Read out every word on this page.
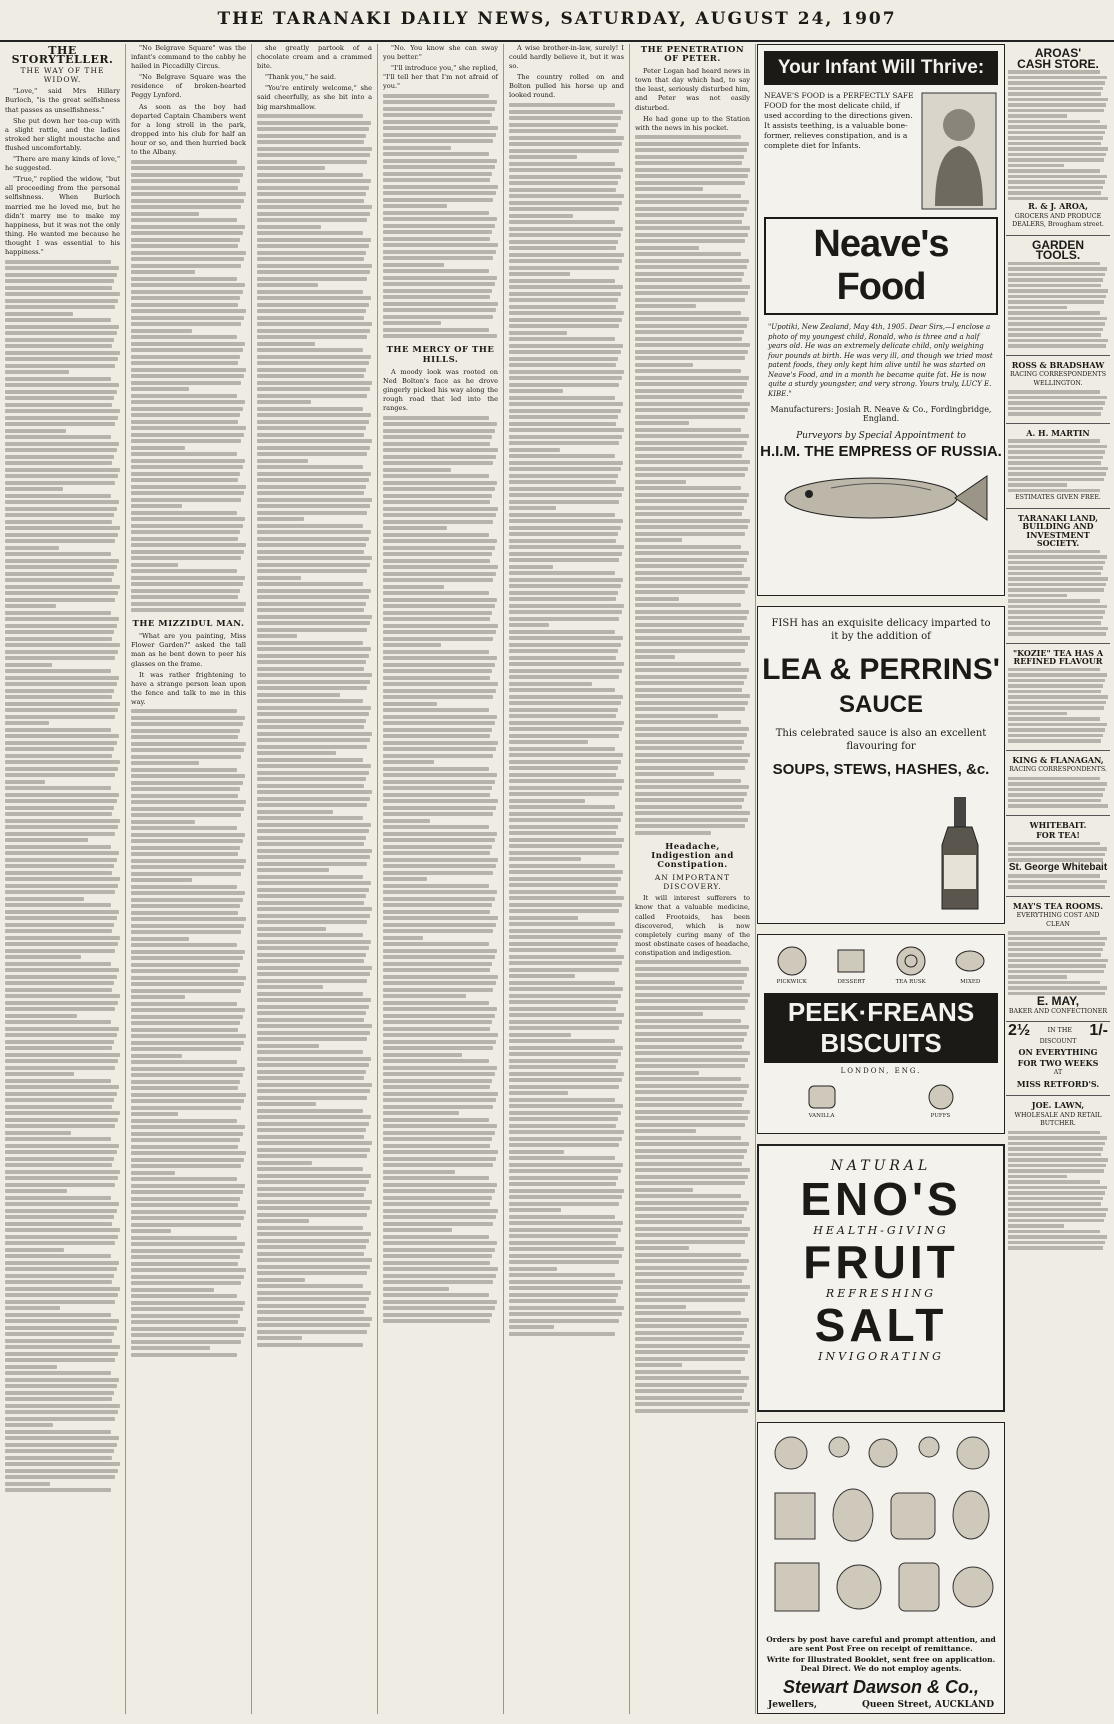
THE TARANAKI DAILY NEWS, SATURDAY, AUGUST 24, 1907
THE STORYTELLER.
THE WAY OF THE WIDOW.

"Love," said Mrs Hillary Burloch, "is the great selfishness that passes as unselfishness."

She put down her tea-cup with a slight rattle, and the ladies stroked her slight moustache and flushed uncomfortably.

"There are many kinds of love," he suggested.

"True," replied the widow, "but all proceeding from the personal selfishness. When Burloch married me he loved me, but he didn't marry me to make my happiness, but it was not the only thing. He wanted me because he thought I was essential to his happiness."

"No Belgrave Square" was the infant's command to the cabby he hailed in Piccadilly Circus.

"No Belgrave Square was the residence of broken-hearted Peggy Lynford.

As soon as the boy had departed Captain Chambers went for a long stroll in the park, dropped into his club for half an hour or so, and then hurried back to the Albany.

THE MIZZIDUL MAN.

"What are you painting, Miss Flower Garden?" asked the tall man as he bent down to peer his glasses on the frame.

It was rather frightening to have a strange person lean upon the fence and talk to me in this way.

she greatly partook of a chocolate cream and a crammed bite.

"Thank you," he said.

"You're entirely welcome," she said cheerfully, as she bit into a big marshmallow.

"No. You know she can sway you better."

"I'll introduce you," she replied, "I'll tell her that I'm not afraid of you."

THE MERCY OF THE HILLS.

A moody look was rooted on Ned Bolton's face as he drove gingerly picked his way along the rough road that led into the ranges.

A wise brother-in-law, surely! I could hardly believe it, but it was so.

The country rolled on and Bolton pulled his horse up and looked round.

THE PENETRATION OF PETER.

Peter Logan had heard news in town that day which had, to say the least, seriously disturbed him, and Peter was not easily disturbed.

He had gone up to the Station with the news in his pocket.

Headache, Indigestion and Constipation.
AN IMPORTANT DISCOVERY.

It will interest sufferers to know that a valuable medicine, called Frootoids, has been discovered, which is now completely curing many of the most obstinate cases of headache, constipation and indigestion.

Your Infant Will Thrive:
NEAVE'S FOOD is a PERFECTLY SAFE FOOD for the most delicate child, if used according to the directions given. It assists teething, is a valuable bone-former, relieves constipation, and is a complete diet for Infants.
Neave's Food
"Upotiki, New Zealand, May 4th, 1905. Dear Sirs,—I enclose a photo of my youngest child, Ronald, who is three and a half years old. He was an extremely delicate child, only weighing four pounds at birth. He was very ill, and though we tried most patent foods, they only kept him alive until he was started on Neave's Food, and in a month he became quite fat. He is now quite a sturdy youngster, and very strong. Yours truly, LUCY E. KIBE."
Manufacturers: Josiah R. Neave & Co., Fordingbridge, England.
Purveyors by Special Appointment to
H.I.M. THE EMPRESS OF RUSSIA.
FISH has an exquisite delicacy imparted to it by the addition of
LEA & PERRINS'
SAUCE
This celebrated sauce is also an excellent flavouring for
SOUPS, STEWS, HASHES, &c.
PICKWICK	DESSERT	TEA RUSK	MIXED
PEEK·FREANS BISCUITS
LONDON, ENG.
VANILLA	PUFFS
NATURAL
ENO'S
HEALTH-GIVING
FRUIT
REFRESHING
SALT
INVIGORATING
Orders by post have careful and prompt attention, and are sent Post Free on receipt of remittance.
Write for Illustrated Booklet, sent free on application.
Deal Direct. We do not employ agents.
Stewart Dawson & Co.,
Jewellers,	Queen Street, AUCKLAND
AROAS'
CASH STORE.
R. & J. AROA,
GROCERS AND PRODUCE DEALERS, Brougham street.
GARDEN
TOOLS.
ROSS & BRADSHAW
RACING CORRESPONDENTS
WELLINGTON.
A. H. MARTIN
ESTIMATES GIVEN FREE.
TARANAKI LAND, BUILDING AND INVESTMENT SOCIETY.
"KOZIE" TEA HAS A REFINED FLAVOUR
KING & FLANAGAN,
RACING CORRESPONDENTS.
WHITEBAIT.
FOR TEA!
St. George Whitebait
MAY'S TEA ROOMS.
EVERYTHING COST AND CLEAN
E. MAY,
BAKER AND CONFECTIONER
2½	IN THE 1/-
DISCOUNT
ON EVERYTHING
FOR TWO WEEKS
AT
MISS RETFORD'S.
JOE. LAWN,
WHOLESALE AND RETAIL BUTCHER.
